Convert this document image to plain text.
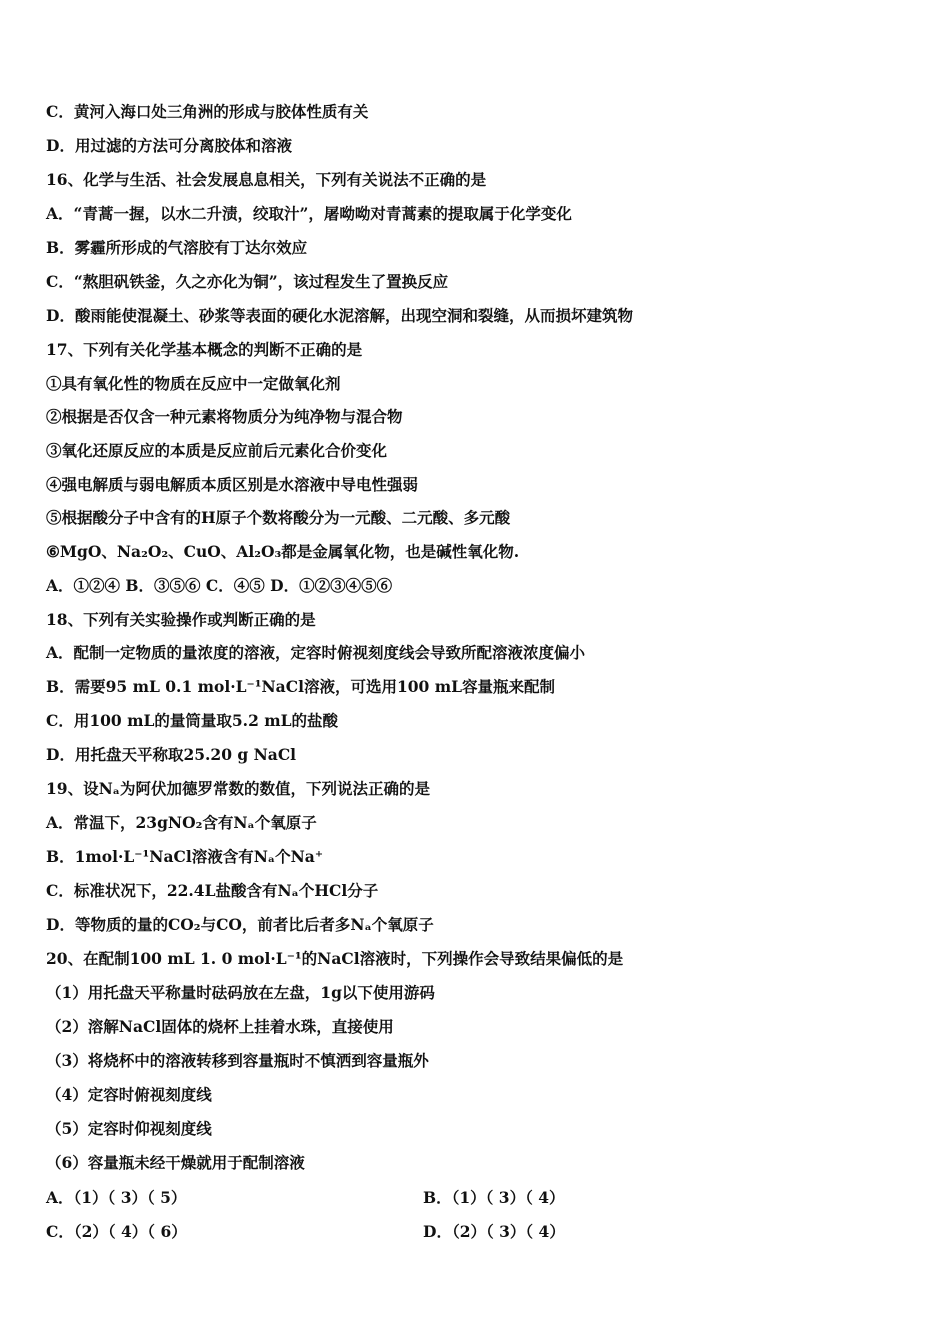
C．黄河入海口处三角洲的形成与胶体性质有关
D．用过滤的方法可分离胶体和溶液
16、化学与生活、社会发展息息相关，下列有关说法不正确的是
A．“青蒿一握，以水二升渍，绞取汁”，屠呦呦对青蒿素的提取属于化学变化
B．雾霾所形成的气溶胶有丁达尔效应
C．“熬胆矾铁釜，久之亦化为铜”，该过程发生了置换反应
D．酸雨能使混凝土、砂浆等表面的硬化水泥溶解，出现空洞和裂缝，从而损坏建筑物
17、下列有关化学基本概念的判断不正确的是
①具有氧化性的物质在反应中一定做氧化剂
②根据是否仅含一种元素将物质分为纯净物与混合物
③氧化还原反应的本质是反应前后元素化合价变化
④强电解质与弱电解质本质区别是水溶液中导电性强弱
⑤根据酸分子中含有的H原子个数将酸分为一元酸、二元酸、多元酸
⑥MgO、Na₂O₂、CuO、Al₂O₃都是金属氧化物，也是碱性氧化物.
A．①②④ B．③⑤⑥ C．④⑤ D．①②③④⑤⑥
18、下列有关实验操作或判断正确的是
A．配制一定物质的量浓度的溶液，定容时俯视刻度线会导致所配溶液浓度偏小
B．需要95 mL 0.1 mol·L⁻¹NaCl溶液，可选用100 mL容量瓶来配制
C．用100 mL的量筒量取5.2 mL的盐酸
D．用托盘天平称取25.20 g NaCl
19、设Nₐ为阿伏加德罗常数的数值，下列说法正确的是
A．常温下，23gNO₂含有Nₐ个氧原子
B．1mol·L⁻¹NaCl溶液含有Nₐ个Na⁺
C．标准状况下，22.4L盐酸含有Nₐ个HCl分子
D．等物质的量的CO₂与CO，前者比后者多Nₐ个氧原子
20、在配制100 mL 1. 0 mol·L⁻¹的NaCl溶液时，下列操作会导致结果偏低的是
（1）用托盘天平称量时砝码放在左盘，1g以下使用游码
（2）溶解NaCl固体的烧杯上挂着水珠，直接使用
（3）将烧杯中的溶液转移到容量瓶时不慎洒到容量瓶外
（4）定容时俯视刻度线
（5）定容时仰视刻度线
（6）容量瓶未经干燥就用于配制溶液
A．（1）（ 3）（ 5）	B．（1）（ 3）（ 4）
C．（2）（ 4）（ 6）	D．（2）（ 3）（ 4）
